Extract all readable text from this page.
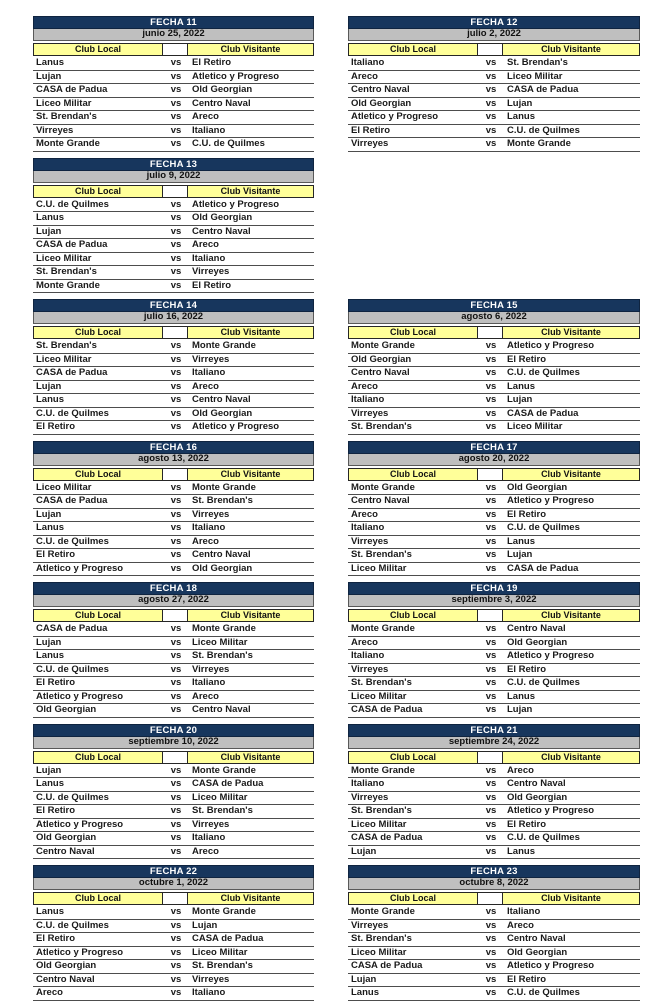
FECHA 11
junio 25, 2022
Club Local	Club Visitante
Lanus	vs	El Retiro
Lujan	vs	Atletico y Progreso
CASA de Padua	vs	Old Georgian
Liceo Militar	vs	Centro Naval
St. Brendan's	vs	Areco
Virreyes	vs	Italiano
Monte Grande	vs	C.U. de Quilmes
FECHA 12
julio 2, 2022
Club Local	Club Visitante
Italiano	vs	St. Brendan's
Areco	vs	Liceo Militar
Centro Naval	vs	CASA de Padua
Old Georgian	vs	Lujan
Atletico y Progreso	vs	Lanus
El Retiro	vs	C.U. de Quilmes
Virreyes	vs	Monte Grande
FECHA 13
julio 9, 2022
Club Local	Club Visitante
C.U. de Quilmes	vs	Atletico y Progreso
Lanus	vs	Old Georgian
Lujan	vs	Centro Naval
CASA de Padua	vs	Areco
Liceo Militar	vs	Italiano
St. Brendan's	vs	Virreyes
Monte Grande	vs	El Retiro
FECHA 14
julio 16, 2022
Club Local	Club Visitante
St. Brendan's	vs	Monte Grande
Liceo Militar	vs	Virreyes
CASA de Padua	vs	Italiano
Lujan	vs	Areco
Lanus	vs	Centro Naval
C.U. de Quilmes	vs	Old Georgian
El Retiro	vs	Atletico y Progreso
FECHA 15
agosto 6, 2022
Club Local	Club Visitante
Monte Grande	vs	Atletico y Progreso
Old Georgian	vs	El Retiro
Centro Naval	vs	C.U. de Quilmes
Areco	vs	Lanus
Italiano	vs	Lujan
Virreyes	vs	CASA de Padua
St. Brendan's	vs	Liceo Militar
FECHA 16
agosto 13, 2022
Club Local	Club Visitante
Liceo Militar	vs	Monte Grande
CASA de Padua	vs	St. Brendan's
Lujan	vs	Virreyes
Lanus	vs	Italiano
C.U. de Quilmes	vs	Areco
El Retiro	vs	Centro Naval
Atletico y Progreso	vs	Old Georgian
FECHA 17
agosto 20, 2022
Club Local	Club Visitante
Monte Grande	vs	Old Georgian
Centro Naval	vs	Atletico y Progreso
Areco	vs	El Retiro
Italiano	vs	C.U. de Quilmes
Virreyes	vs	Lanus
St. Brendan's	vs	Lujan
Liceo Militar	vs	CASA de Padua
FECHA 18
agosto 27, 2022
Club Local	Club Visitante
CASA de Padua	vs	Monte Grande
Lujan	vs	Liceo Militar
Lanus	vs	St. Brendan's
C.U. de Quilmes	vs	Virreyes
El Retiro	vs	Italiano
Atletico y Progreso	vs	Areco
Old Georgian	vs	Centro Naval
FECHA 19
septiembre 3, 2022
Club Local	Club Visitante
Monte Grande	vs	Centro Naval
Areco	vs	Old Georgian
Italiano	vs	Atletico y Progreso
Virreyes	vs	El Retiro
St. Brendan's	vs	C.U. de Quilmes
Liceo Militar	vs	Lanus
CASA de Padua	vs	Lujan
FECHA 20
septiembre 10, 2022
Club Local	Club Visitante
Lujan	vs	Monte Grande
Lanus	vs	CASA de Padua
C.U. de Quilmes	vs	Liceo Militar
El Retiro	vs	St. Brendan's
Atletico y Progreso	vs	Virreyes
Old Georgian	vs	Italiano
Centro Naval	vs	Areco
FECHA 21
septiembre 24, 2022
Club Local	Club Visitante
Monte Grande	vs	Areco
Italiano	vs	Centro Naval
Virreyes	vs	Old Georgian
St. Brendan's	vs	Atletico y Progreso
Liceo Militar	vs	El Retiro
CASA de Padua	vs	C.U. de Quilmes
Lujan	vs	Lanus
FECHA 22
octubre 1, 2022
Club Local	Club Visitante
Lanus	vs	Monte Grande
C.U. de Quilmes	vs	Lujan
El Retiro	vs	CASA de Padua
Atletico y Progreso	vs	Liceo Militar
Old Georgian	vs	St. Brendan's
Centro Naval	vs	Virreyes
Areco	vs	Italiano
FECHA 23
octubre 8, 2022
Club Local	Club Visitante
Monte Grande	vs	Italiano
Virreyes	vs	Areco
St. Brendan's	vs	Centro Naval
Liceo Militar	vs	Old Georgian
CASA de Padua	vs	Atletico y Progreso
Lujan	vs	El Retiro
Lanus	vs	C.U. de Quilmes
